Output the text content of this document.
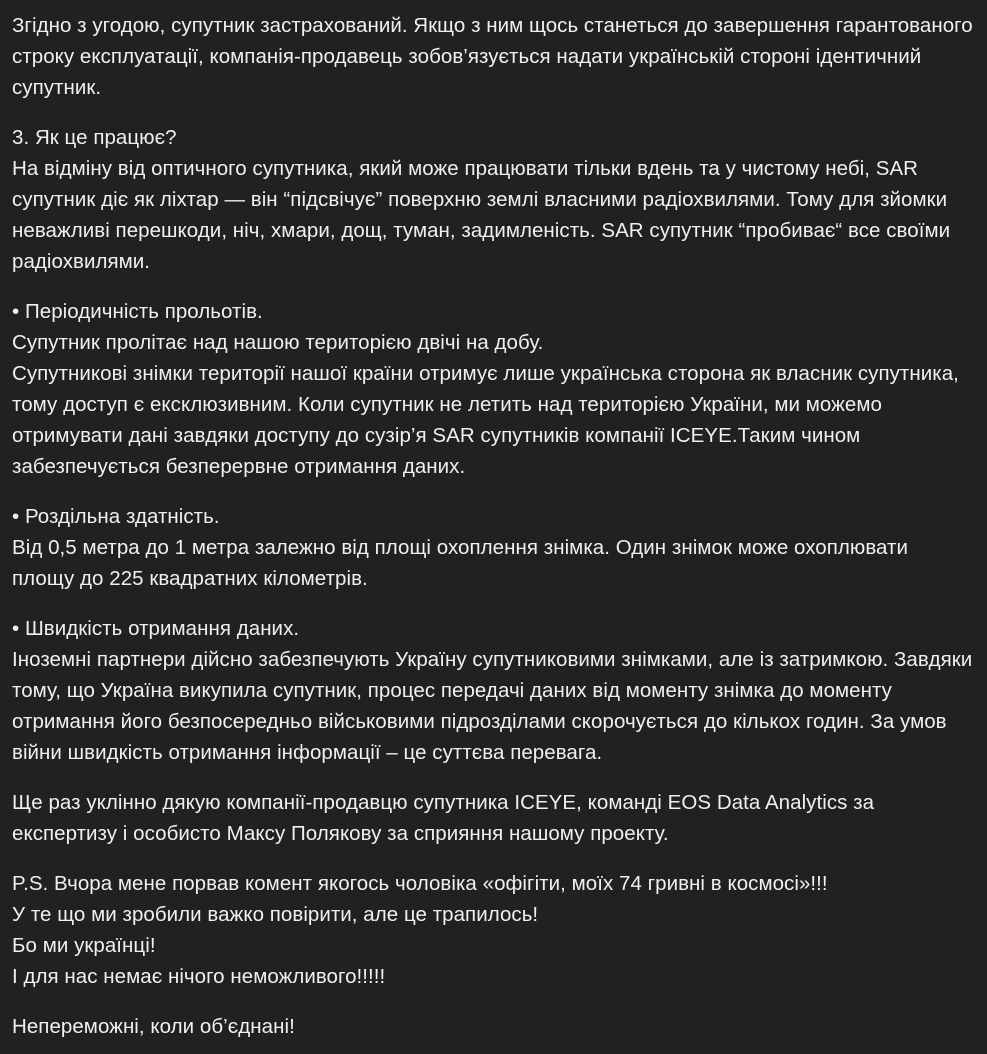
Згідно з угодою, супутник застрахований. Якщо з ним щось станеться до завершення гарантованого строку експлуатації, компанія-продавець зобов’язується надати українській стороні ідентичний супутник.

3. Як це працює?

На відміну від оптичного супутника, який може працювати тільки вдень та у чистому небі, SAR супутник діє як ліхтар — він “підсвічує” поверхню землі власними радіохвилями. Тому для зйомки неважливі перешкоди, ніч, хмари, дощ, туман, задимленість. SAR супутник “пробиває“ все своїми радіохвилями.

• Періодичність прольотів.

Супутник пролітає над нашою територією двічі на добу.

Супутникові знімки території нашої країни отримує лише українська сторона як власник супутника, тому доступ є ексклюзивним. Коли супутник не летить над територією України, ми можемо отримувати дані завдяки доступу до сузір’я SAR супутників компанії ICEYE.Таким чином забезпечується безперервне отримання даних.

• Роздільна здатність.

Від 0,5 метра до 1 метра залежно від площі охоплення знімка. Один знімок може охоплювати площу до 225 квадратних кілометрів.

• Швидкість отримання даних.

Іноземні партнери дійсно забезпечують Україну супутниковими знімками, але із затримкою. Завдяки тому, що Україна викупила супутник, процес передачі даних від моменту знімка до моменту отримання його безпосередньо військовими підрозділами скорочується до кількох годин. За умов війни швидкість отримання інформації – це суттєва перевага.

Ще раз уклінно дякую компанії-продавцю супутника ICEYE, команді EOS Data Analytics за експертизу і особисто Максу Полякову за сприяння нашому проекту.

P.S. Вчора мене порвав комент якогось чоловіка «офігіти, моїх 74 гривні в космосі»!!!

У те що ми зробили важко повірити, але це трапилось!

Бо ми українці!

І для нас немає нічого неможливого!!!!!

Непереможні, коли об’єднані!
